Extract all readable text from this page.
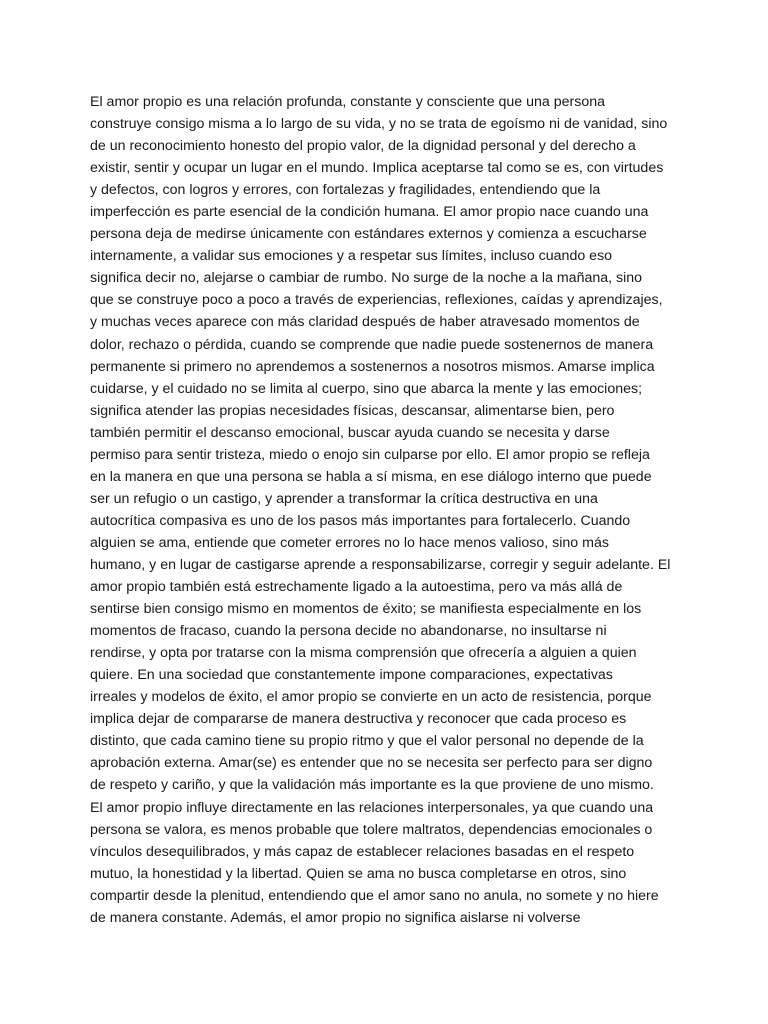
El amor propio es una relación profunda, constante y consciente que una persona
construye consigo misma a lo largo de su vida, y no se trata de egoísmo ni de vanidad, sino
de un reconocimiento honesto del propio valor, de la dignidad personal y del derecho a
existir, sentir y ocupar un lugar en el mundo. Implica aceptarse tal como se es, con virtudes
y defectos, con logros y errores, con fortalezas y fragilidades, entendiendo que la
imperfección es parte esencial de la condición humana. El amor propio nace cuando una
persona deja de medirse únicamente con estándares externos y comienza a escucharse
internamente, a validar sus emociones y a respetar sus límites, incluso cuando eso
significa decir no, alejarse o cambiar de rumbo. No surge de la noche a la mañana, sino
que se construye poco a poco a través de experiencias, reflexiones, caídas y aprendizajes,
y muchas veces aparece con más claridad después de haber atravesado momentos de
dolor, rechazo o pérdida, cuando se comprende que nadie puede sostenernos de manera
permanente si primero no aprendemos a sostenernos a nosotros mismos. Amarse implica
cuidarse, y el cuidado no se limita al cuerpo, sino que abarca la mente y las emociones;
significa atender las propias necesidades físicas, descansar, alimentarse bien, pero
también permitir el descanso emocional, buscar ayuda cuando se necesita y darse
permiso para sentir tristeza, miedo o enojo sin culparse por ello. El amor propio se refleja
en la manera en que una persona se habla a sí misma, en ese diálogo interno que puede
ser un refugio o un castigo, y aprender a transformar la crítica destructiva en una
autocrítica compasiva es uno de los pasos más importantes para fortalecerlo. Cuando
alguien se ama, entiende que cometer errores no lo hace menos valioso, sino más
humano, y en lugar de castigarse aprende a responsabilizarse, corregir y seguir adelante. El
amor propio también está estrechamente ligado a la autoestima, pero va más allá de
sentirse bien consigo mismo en momentos de éxito; se manifiesta especialmente en los
momentos de fracaso, cuando la persona decide no abandonarse, no insultarse ni
rendirse, y opta por tratarse con la misma comprensión que ofrecería a alguien a quien
quiere. En una sociedad que constantemente impone comparaciones, expectativas
irreales y modelos de éxito, el amor propio se convierte en un acto de resistencia, porque
implica dejar de compararse de manera destructiva y reconocer que cada proceso es
distinto, que cada camino tiene su propio ritmo y que el valor personal no depende de la
aprobación externa. Amar(se) es entender que no se necesita ser perfecto para ser digno
de respeto y cariño, y que la validación más importante es la que proviene de uno mismo.
El amor propio influye directamente en las relaciones interpersonales, ya que cuando una
persona se valora, es menos probable que tolere maltratos, dependencias emocionales o
vínculos desequilibrados, y más capaz de establecer relaciones basadas en el respeto
mutuo, la honestidad y la libertad. Quien se ama no busca completarse en otros, sino
compartir desde la plenitud, entendiendo que el amor sano no anula, no somete y no hiere
de manera constante. Además, el amor propio no significa aislarse ni volverse
